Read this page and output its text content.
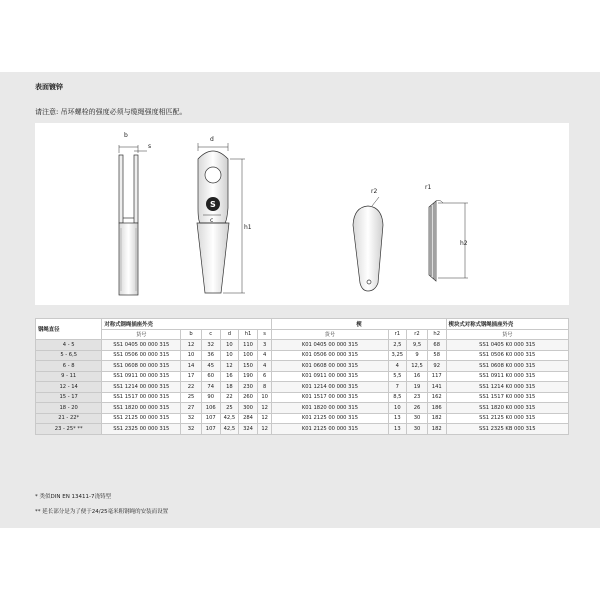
表面镀锌
请注意: 吊环螺栓的强度必须与缆绳强度相匹配。
b
s
S
d
c
h1
r2
r1
h2
钢绳直径	对称式钢绳插座外壳						楔				楔块式对称式钢绳插座外壳
	货号	b	c	d	h1	s	货号	r1	r2	h2	货号
4 - 5	SS1 0405 00 000 315	12	32	10	110	3	K01 0405 00 000 315	2,5	9,5	68	SS1 0405 K0 000 315
5 - 6,5	SS1 0506 00 000 315	10	36	10	100	4	K01 0506 00 000 315	3,25	9	58	SS1 0506 K0 000 315
6 - 8	SS1 0608 00 000 315	14	45	12	150	4	K01 0608 00 000 315	4	12,5	92	SS1 0608 K0 000 315
9 - 11	SS1 0911 00 000 315	17	60	16	190	6	K01 0911 00 000 315	5,5	16	117	SS1 0911 K0 000 315
12 - 14	SS1 1214 00 000 315	22	74	18	230	8	K01 1214 00 000 315	7	19	141	SS1 1214 K0 000 315
15 - 17	SS1 1517 00 000 315	25	90	22	260	10	K01 1517 00 000 315	8,5	23	162	SS1 1517 K0 000 315
18 - 20	SS1 1820 00 000 315	27	106	25	300	12	K01 1820 00 000 315	10	26	186	SS1 1820 K0 000 315
21 - 22*	SS1 2125 00 000 315	32	107	42,5	284	12	K01 2125 00 000 315	13	30	182	SS1 2125 K0 000 315
23 - 25* **	SS1 2325 00 000 315	32	107	42,5	324	12	K01 2125 00 000 315	13	30	182	SS1 2325 KB 000 315
* 类似DIN EN 13411-7浇铸型
** 延长部分是为了便于24/25毫米粗钢绳的安装而设置
